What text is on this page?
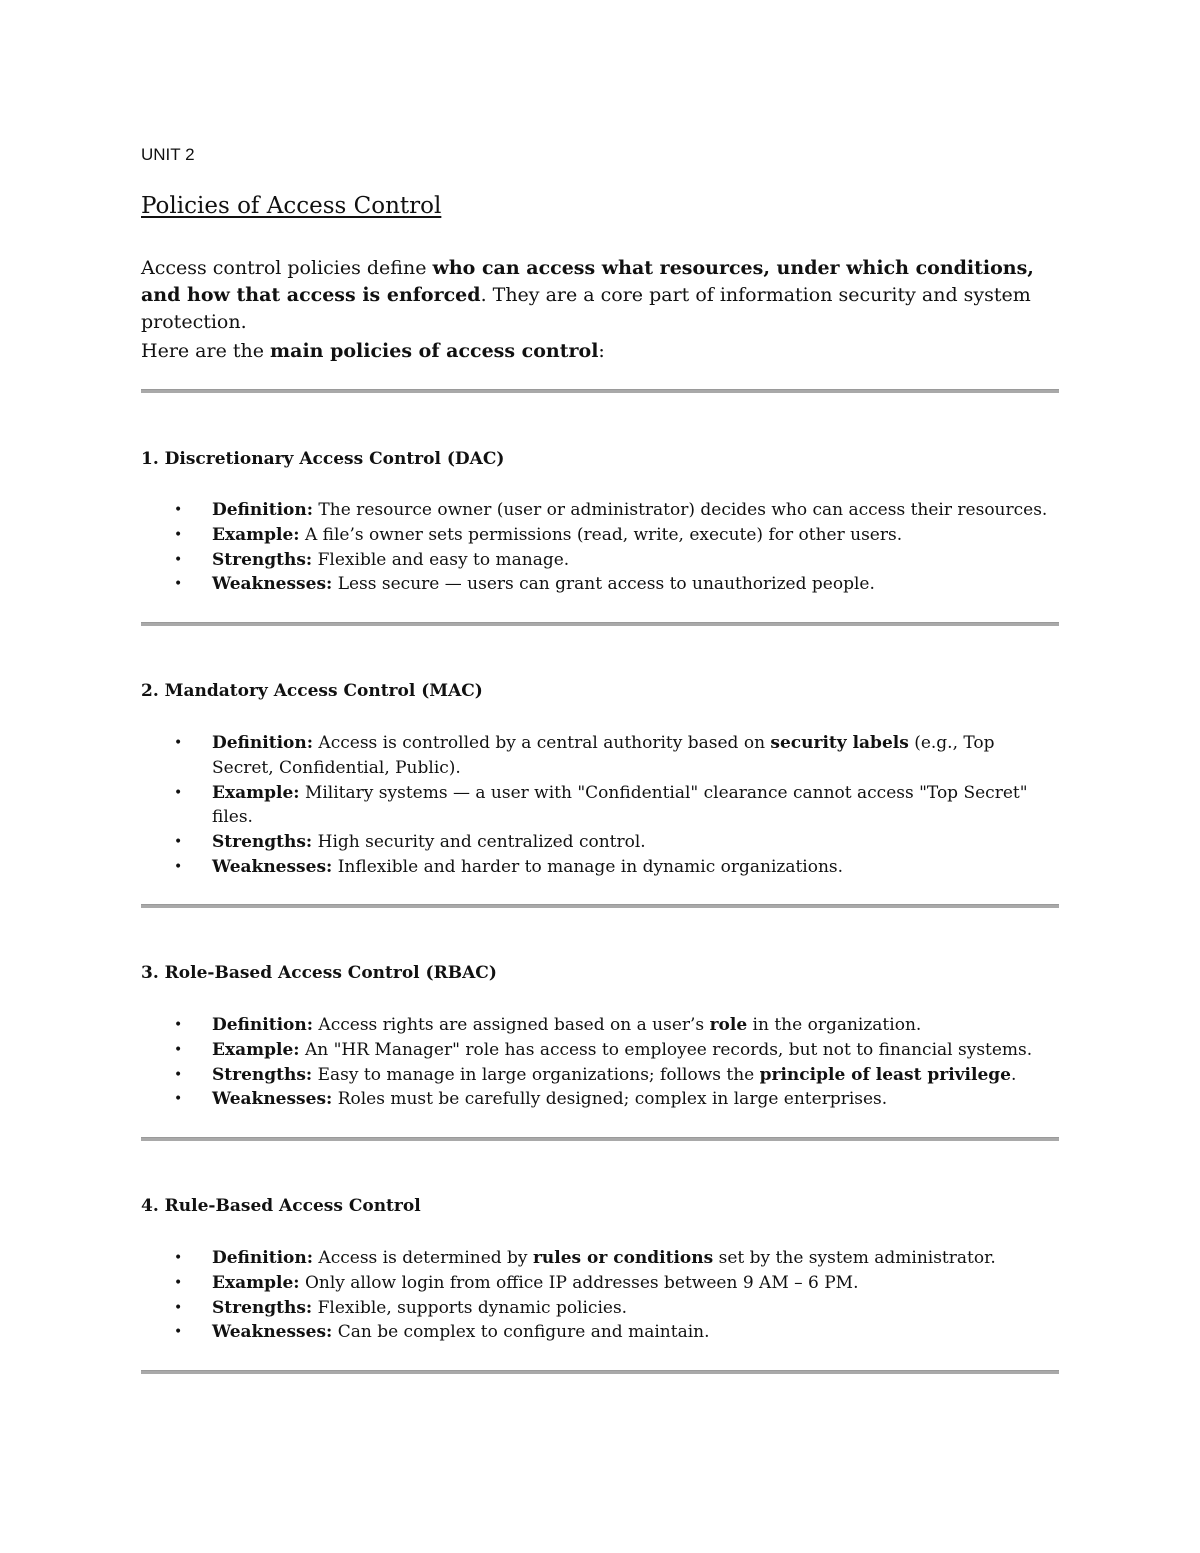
UNIT 2
Policies of Access Control

Access control policies define who can access what resources, under which conditions, and how that access is enforced. They are a core part of information security and system protection.

Here are the main policies of access control:

1. Discretionary Access Control (DAC)
• Definition: The resource owner (user or administrator) decides who can access their resources.
• Example: A file’s owner sets permissions (read, write, execute) for other users.
• Strengths: Flexible and easy to manage.
• Weaknesses: Less secure — users can grant access to unauthorized people.
2. Mandatory Access Control (MAC)
• Definition: Access is controlled by a central authority based on security labels (e.g., Top Secret, Confidential, Public).
• Example: Military systems — a user with "Confidential" clearance cannot access "Top Secret" files.
• Strengths: High security and centralized control.
• Weaknesses: Inflexible and harder to manage in dynamic organizations.
3. Role-Based Access Control (RBAC)
• Definition: Access rights are assigned based on a user’s role in the organization.
• Example: An "HR Manager" role has access to employee records, but not to financial systems.
• Strengths: Easy to manage in large organizations; follows the principle of least privilege.
• Weaknesses: Roles must be carefully designed; complex in large enterprises.
4. Rule-Based Access Control
• Definition: Access is determined by rules or conditions set by the system administrator.
• Example: Only allow login from office IP addresses between 9 AM – 6 PM.
• Strengths: Flexible, supports dynamic policies.
• Weaknesses: Can be complex to configure and maintain.
